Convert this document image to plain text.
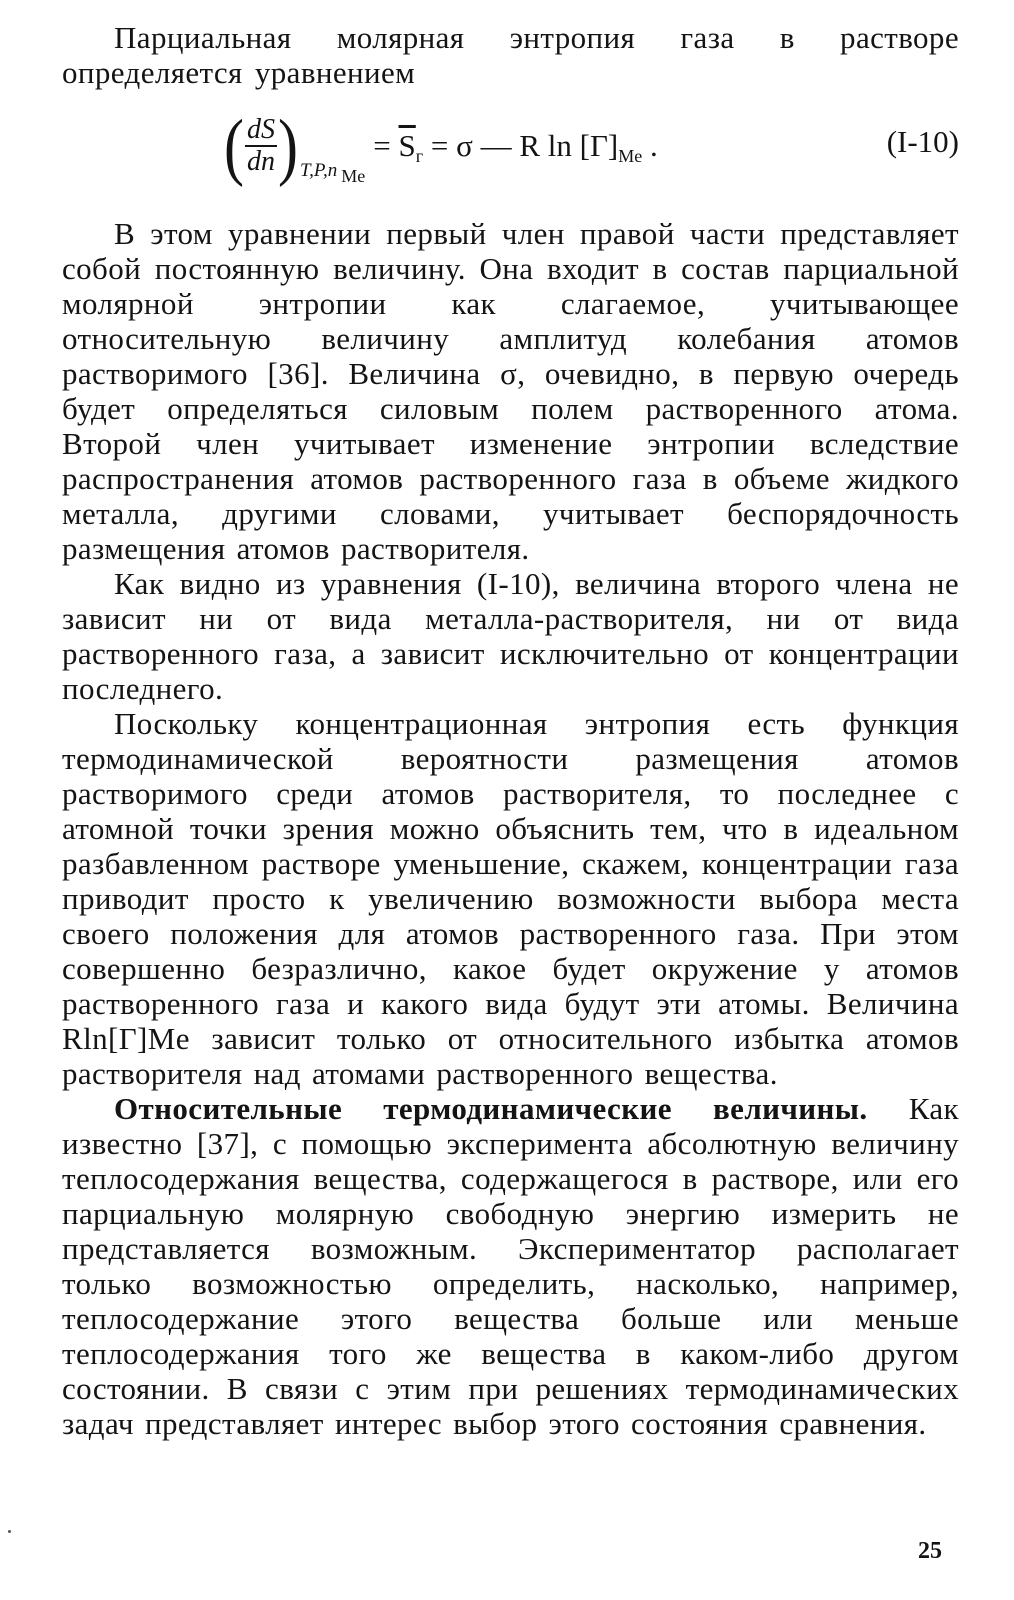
Парциальная молярная энтропия газа в растворе определяется уравнением

( $\frac{dS}{dn}$ ) T,P,n Me
= $\overline{S}г = \sigma$ — R ln [Г]Me .	(I-10)

В этом уравнении первый член правой части представляет собой постоянную величину. Она входит в состав парциальной молярной энтропии как слагаемое, учитывающее относительную величину амплитуд колебания атомов растворимого [36]. Величина σ, очевидно, в первую очередь будет определяться силовым полем растворенного атома. Второй член учитывает изменение энтропии вследствие распространения атомов растворенного газа в объеме жидкого металла, другими словами, учитывает беспорядочность размещения атомов растворителя.

Как видно из уравнения (I-10), величина второго члена не зависит ни от вида металла-растворителя, ни от вида растворенного газа, а зависит исключительно от концентрации последнего.

Поскольку концентрационная энтропия есть функция термодинамической вероятности размещения атомов растворимого среди атомов растворителя, то последнее с атомной точки зрения можно объяснить тем, что в идеальном разбавленном растворе уменьшение, скажем, концентрации газа приводит просто к увеличению возможности выбора места своего положения для атомов растворенного газа. При этом совершенно безразлично, какое будет окружение у атомов растворенного газа и какого вида будут эти атомы. Величина Rln[Г]Me зависит только от относительного избытка атомов растворителя над атомами растворенного вещества.

Относительные термодинамические величины. Как известно [37], с помощью эксперимента абсолютную величину теплосодержания вещества, содержащегося в растворе, или его парциальную молярную свободную энергию измерить не представляется возможным. Экспериментатор располагает только возможностью определить, насколько, например, теплосодержание этого вещества больше или меньше теплосодержания того же вещества в каком-либо другом состоянии. В связи с этим при решениях термодинамических задач представляет интерес выбор этого состояния сравнения.

25
